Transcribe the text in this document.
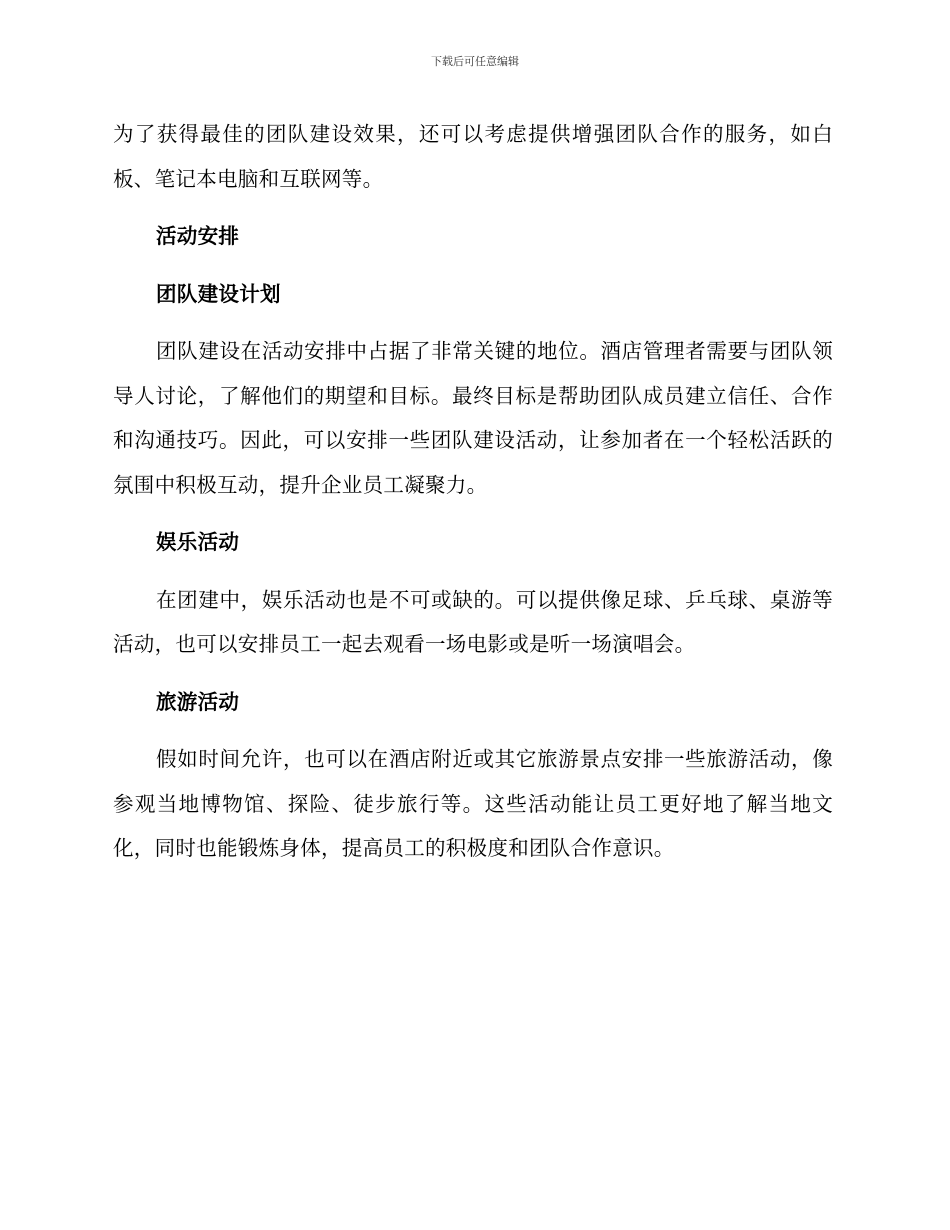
下载后可任意编辑

为了获得最佳的团队建设效果，还可以考虑提供增强团队合作的服务，如白板、笔记本电脑和互联网等。

活动安排

团队建设计划

团队建设在活动安排中占据了非常关键的地位。酒店管理者需要与团队领导人讨论，了解他们的期望和目标。最终目标是帮助团队成员建立信任、合作和沟通技巧。因此，可以安排一些团队建设活动，让参加者在一个轻松活跃的氛围中积极互动，提升企业员工凝聚力。

娱乐活动

在团建中，娱乐活动也是不可或缺的。可以提供像足球、乒乓球、桌游等活动，也可以安排员工一起去观看一场电影或是听一场演唱会。

旅游活动

假如时间允许，也可以在酒店附近或其它旅游景点安排一些旅游活动，像参观当地博物馆、探险、徒步旅行等。这些活动能让员工更好地了解当地文化，同时也能锻炼身体，提高员工的积极度和团队合作意识。
